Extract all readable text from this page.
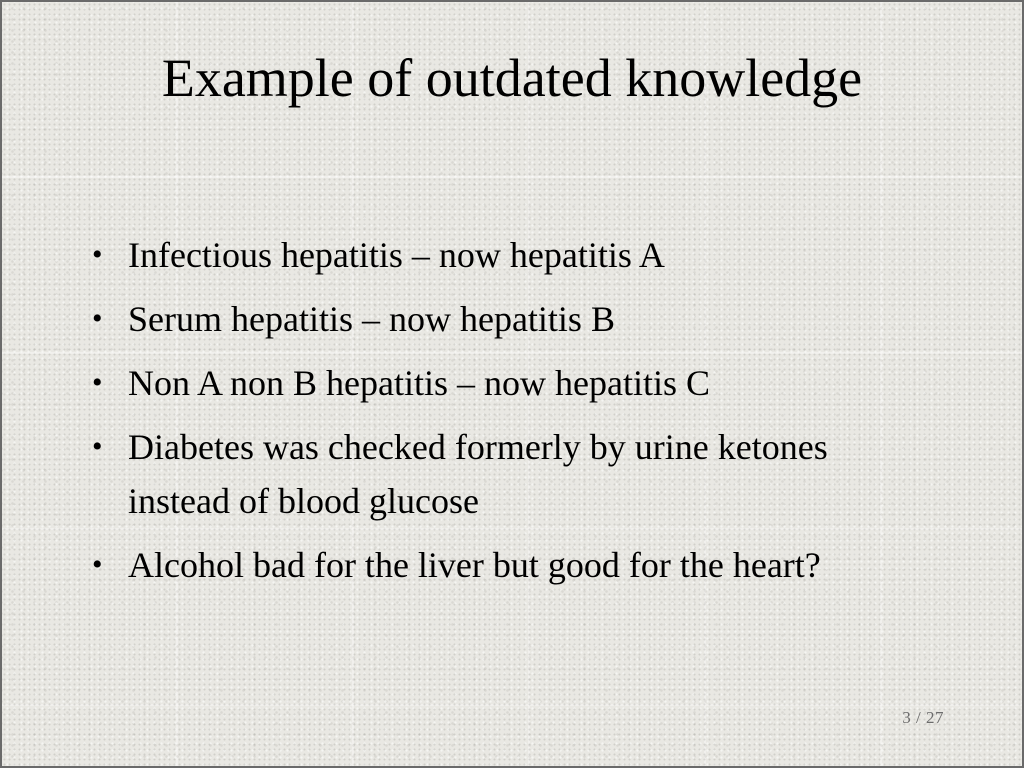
Example of outdated knowledge
• Infectious hepatitis – now hepatitis A
• Serum hepatitis – now hepatitis B
• Non A non B hepatitis – now hepatitis C
• Diabetes was checked formerly by urine ketones instead of blood glucose
• Alcohol bad for the liver but good for the heart?
3 / 27
